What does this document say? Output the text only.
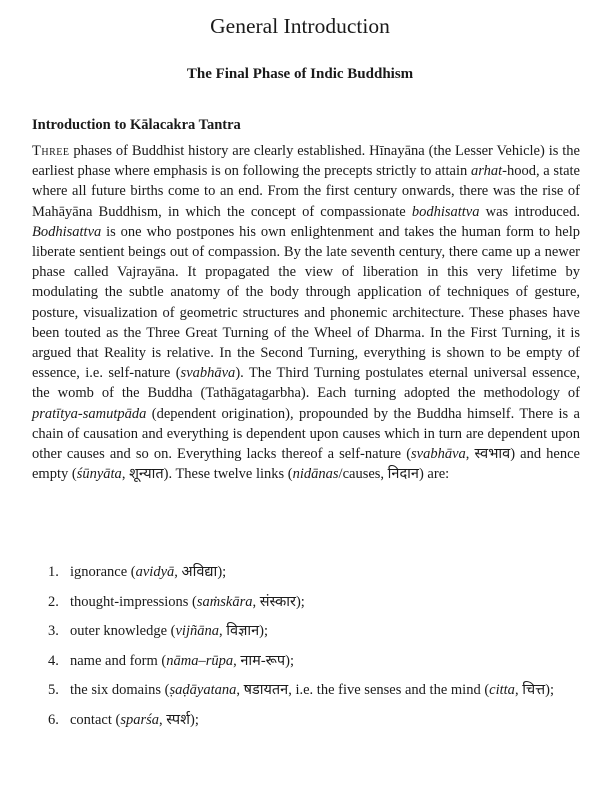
General Introduction
The Final Phase of Indic Buddhism
Introduction to Kālacakra Tantra

Three phases of Buddhist history are clearly established. Hīnayāna (the Lesser Vehicle) is the earliest phase where emphasis is on following the precepts strictly to attain arhat-hood, a state where all future births come to an end. From the first century onwards, there was the rise of Mahāyāna Buddhism, in which the concept of compassionate bodhisattva was introduced. Bodhisattva is one who postpones his own enlightenment and takes the human form to help liberate sentient beings out of compassion. By the late seventh century, there came up a newer phase called Vajrayāna. It propagated the view of liberation in this very lifetime by modulating the subtle anatomy of the body through application of techniques of gesture, posture, visualization of geometric structures and phonemic architecture. These phases have been touted as the Three Great Turning of the Wheel of Dharma. In the First Turning, it is argued that Reality is relative. In the Second Turning, everything is shown to be empty of essence, i.e. self-nature (svabhāva). The Third Turning postulates eternal universal essence, the womb of the Buddha (Tathāgatagarbha). Each turning adopted the methodology of pratītya-samutpāda (dependent origination), propounded by the Buddha himself. There is a chain of causation and everything is dependent upon causes which in turn are dependent upon other causes and so on. Everything lacks thereof a self-nature (svabhāva, स्वभाव) and hence empty (śūnyāta, शून्यात). These twelve links (nidānas/causes, निदान) are:

1. ignorance (avidyā, अविद्या);
2. thought-impressions (saṁskāra, संस्कार);
3. outer knowledge (vijñāna, विज्ञान);
4. name and form (nāma–rūpa, नाम-रूप);
5. the six domains (ṣaḍāyatana, षडायतन, i.e. the five senses and the mind (citta, चित्त);
6. contact (sparśa, स्पर्श);
